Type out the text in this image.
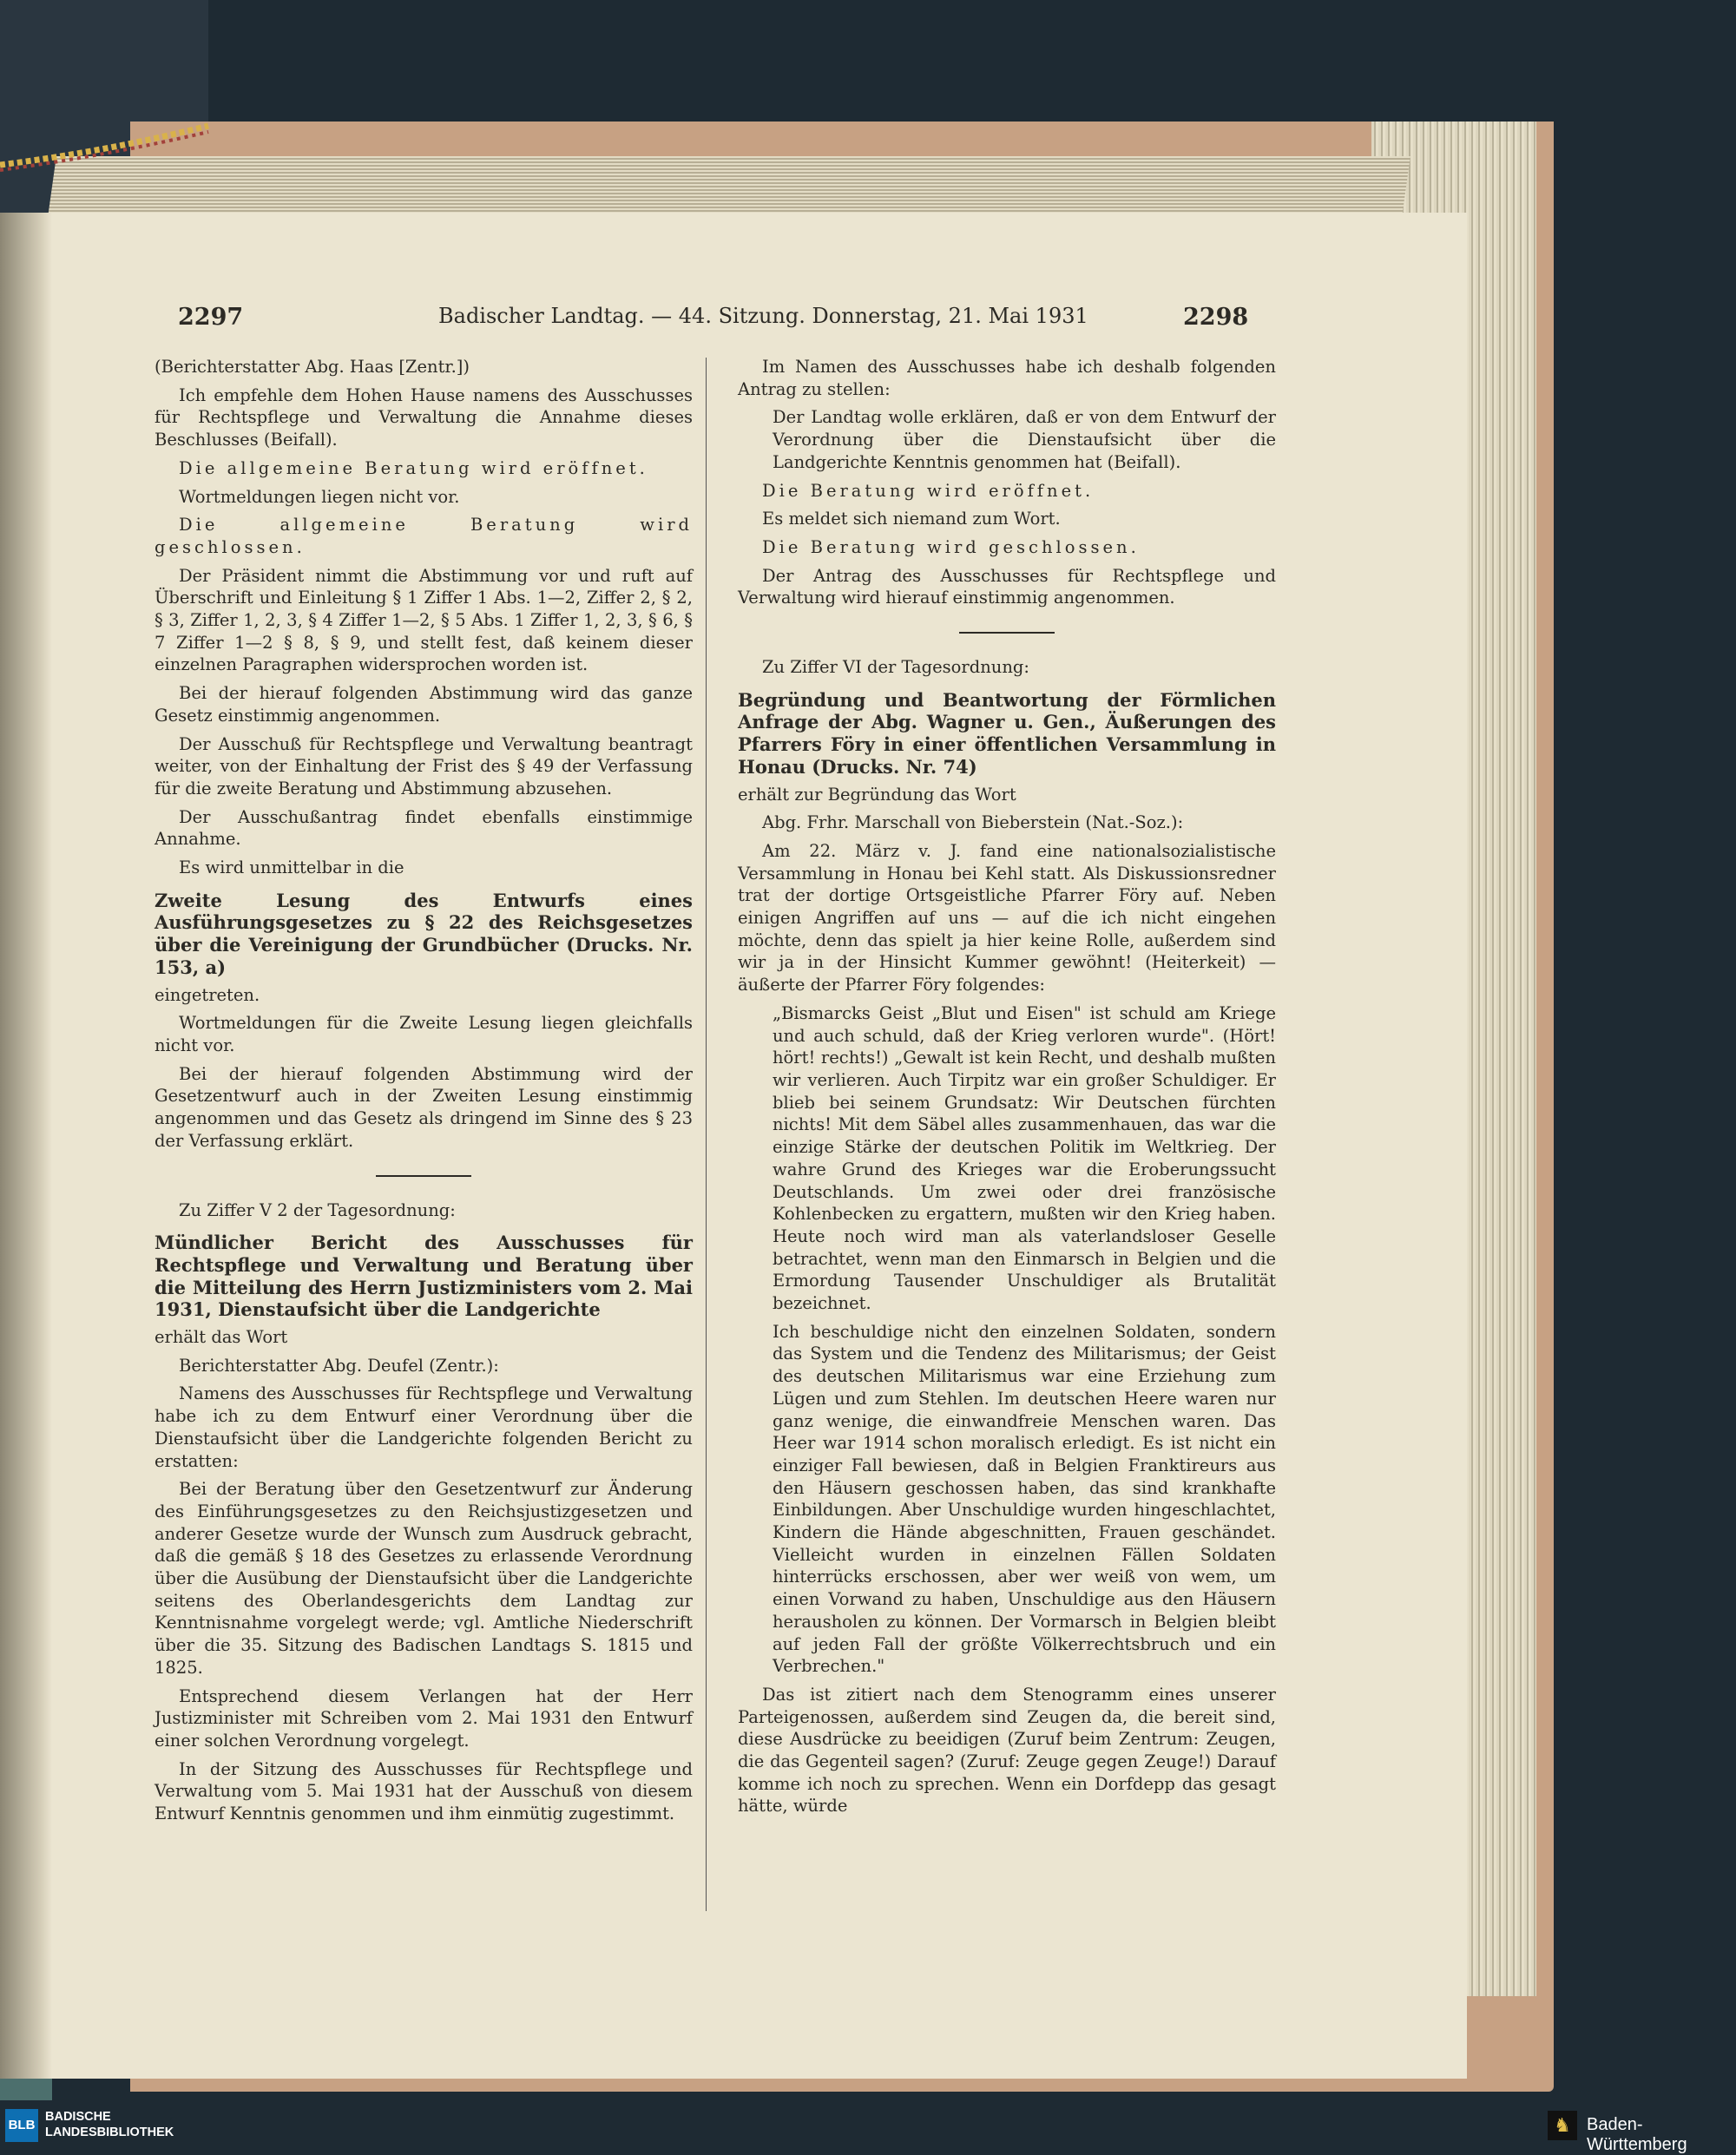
2297	Badischer Landtag. — 44. Sitzung. Donnerstag, 21. Mai 1931	2298

(Berichterstatter Abg. Haas [Zentr.])

Ich empfehle dem Hohen Hause namens des Ausschusses für Rechtspflege und Verwaltung die Annahme dieses Beschlusses (Beifall).

Die allgemeine Beratung wird eröffnet.

Wortmeldungen liegen nicht vor.

Die allgemeine Beratung wird geschlossen.

Der Präsident nimmt die Abstimmung vor und ruft auf Überschrift und Einleitung § 1 Ziffer 1 Abs. 1—2, Ziffer 2, § 2, § 3, Ziffer 1, 2, 3, § 4 Ziffer 1—2, § 5 Abs. 1 Ziffer 1, 2, 3, § 6, § 7 Ziffer 1—2 § 8, § 9, und stellt fest, daß keinem dieser einzelnen Paragraphen widersprochen worden ist.

Bei der hierauf folgenden Abstimmung wird das ganze Gesetz einstimmig angenommen.

Der Ausschuß für Rechtspflege und Verwaltung beantragt weiter, von der Einhaltung der Frist des § 49 der Verfassung für die zweite Beratung und Abstimmung abzusehen.

Der Ausschußantrag findet ebenfalls einstimmige Annahme.

Es wird unmittelbar in die

Zweite Lesung des Entwurfs eines Ausführungsgesetzes zu § 22 des Reichsgesetzes über die Vereinigung der Grundbücher (Drucks. Nr. 153, a)

eingetreten.

Wortmeldungen für die Zweite Lesung liegen gleichfalls nicht vor.

Bei der hierauf folgenden Abstimmung wird der Gesetzentwurf auch in der Zweiten Lesung einstimmig angenommen und das Gesetz als dringend im Sinne des § 23 der Verfassung erklärt.

Zu Ziffer V 2 der Tagesordnung:

Mündlicher Bericht des Ausschusses für Rechtspflege und Verwaltung und Beratung über die Mitteilung des Herrn Justizministers vom 2. Mai 1931, Dienstaufsicht über die Landgerichte

erhält das Wort

Berichterstatter Abg. Deufel (Zentr.):

Namens des Ausschusses für Rechtspflege und Verwaltung habe ich zu dem Entwurf einer Verordnung über die Dienstaufsicht über die Landgerichte folgenden Bericht zu erstatten:

Bei der Beratung über den Gesetzentwurf zur Änderung des Einführungsgesetzes zu den Reichsjustizgesetzen und anderer Gesetze wurde der Wunsch zum Ausdruck gebracht, daß die gemäß § 18 des Gesetzes zu erlassende Verordnung über die Ausübung der Dienstaufsicht über die Landgerichte seitens des Oberlandesgerichts dem Landtag zur Kenntnisnahme vorgelegt werde; vgl. Amtliche Niederschrift über die 35. Sitzung des Badischen Landtags S. 1815 und 1825.

Entsprechend diesem Verlangen hat der Herr Justizminister mit Schreiben vom 2. Mai 1931 den Entwurf einer solchen Verordnung vorgelegt.

In der Sitzung des Ausschusses für Rechtspflege und Verwaltung vom 5. Mai 1931 hat der Ausschuß von diesem Entwurf Kenntnis genommen und ihm einmütig zugestimmt.

Im Namen des Ausschusses habe ich deshalb folgenden Antrag zu stellen:

Der Landtag wolle erklären, daß er von dem Entwurf der Verordnung über die Dienstaufsicht über die Landgerichte Kenntnis genommen hat (Beifall).

Die Beratung wird eröffnet.

Es meldet sich niemand zum Wort.

Die Beratung wird geschlossen.

Der Antrag des Ausschusses für Rechtspflege und Verwaltung wird hierauf einstimmig angenommen.

Zu Ziffer VI der Tagesordnung:

Begründung und Beantwortung der Förmlichen Anfrage der Abg. Wagner u. Gen., Äußerungen des Pfarrers Föry in einer öffentlichen Versammlung in Honau (Drucks. Nr. 74)

erhält zur Begründung das Wort

Abg. Frhr. Marschall von Bieberstein (Nat.-Soz.):

Am 22. März v. J. fand eine nationalsozialistische Versammlung in Honau bei Kehl statt. Als Diskussionsredner trat der dortige Ortsgeistliche Pfarrer Föry auf. Neben einigen Angriffen auf uns — auf die ich nicht eingehen möchte, denn das spielt ja hier keine Rolle, außerdem sind wir ja in der Hinsicht Kummer gewöhnt! (Heiterkeit) — äußerte der Pfarrer Föry folgendes:

„Bismarcks Geist „Blut und Eisen" ist schuld am Kriege und auch schuld, daß der Krieg verloren wurde". (Hört! hört! rechts!) „Gewalt ist kein Recht, und deshalb mußten wir verlieren. Auch Tirpitz war ein großer Schuldiger. Er blieb bei seinem Grundsatz: Wir Deutschen fürchten nichts! Mit dem Säbel alles zusammenhauen, das war die einzige Stärke der deutschen Politik im Weltkrieg. Der wahre Grund des Krieges war die Eroberungssucht Deutschlands. Um zwei oder drei französische Kohlenbecken zu ergattern, mußten wir den Krieg haben. Heute noch wird man als vaterlandsloser Geselle betrachtet, wenn man den Einmarsch in Belgien und die Ermordung Tausender Unschuldiger als Brutalität bezeichnet.

Ich beschuldige nicht den einzelnen Soldaten, sondern das System und die Tendenz des Militarismus; der Geist des deutschen Militarismus war eine Erziehung zum Lügen und zum Stehlen. Im deutschen Heere waren nur ganz wenige, die einwandfreie Menschen waren. Das Heer war 1914 schon moralisch erledigt. Es ist nicht ein einziger Fall bewiesen, daß in Belgien Franktireurs aus den Häusern geschossen haben, das sind krankhafte Einbildungen. Aber Unschuldige wurden hingeschlachtet, Kindern die Hände abgeschnitten, Frauen geschändet. Vielleicht wurden in einzelnen Fällen Soldaten hinterrücks erschossen, aber wer weiß von wem, um einen Vorwand zu haben, Unschuldige aus den Häusern herausholen zu können. Der Vormarsch in Belgien bleibt auf jeden Fall der größte Völkerrechtsbruch und ein Verbrechen."

Das ist zitiert nach dem Stenogramm eines unserer Parteigenossen, außerdem sind Zeugen da, die bereit sind, diese Ausdrücke zu beeidigen (Zuruf beim Zentrum: Zeugen, die das Gegenteil sagen? (Zuruf: Zeuge gegen Zeuge!) Darauf komme ich noch zu sprechen. Wenn ein Dorfdepp das gesagt hätte, würde

BLB
BADISCHE
LANDESBIBLIOTHEK	♞ Baden-Württemberg
